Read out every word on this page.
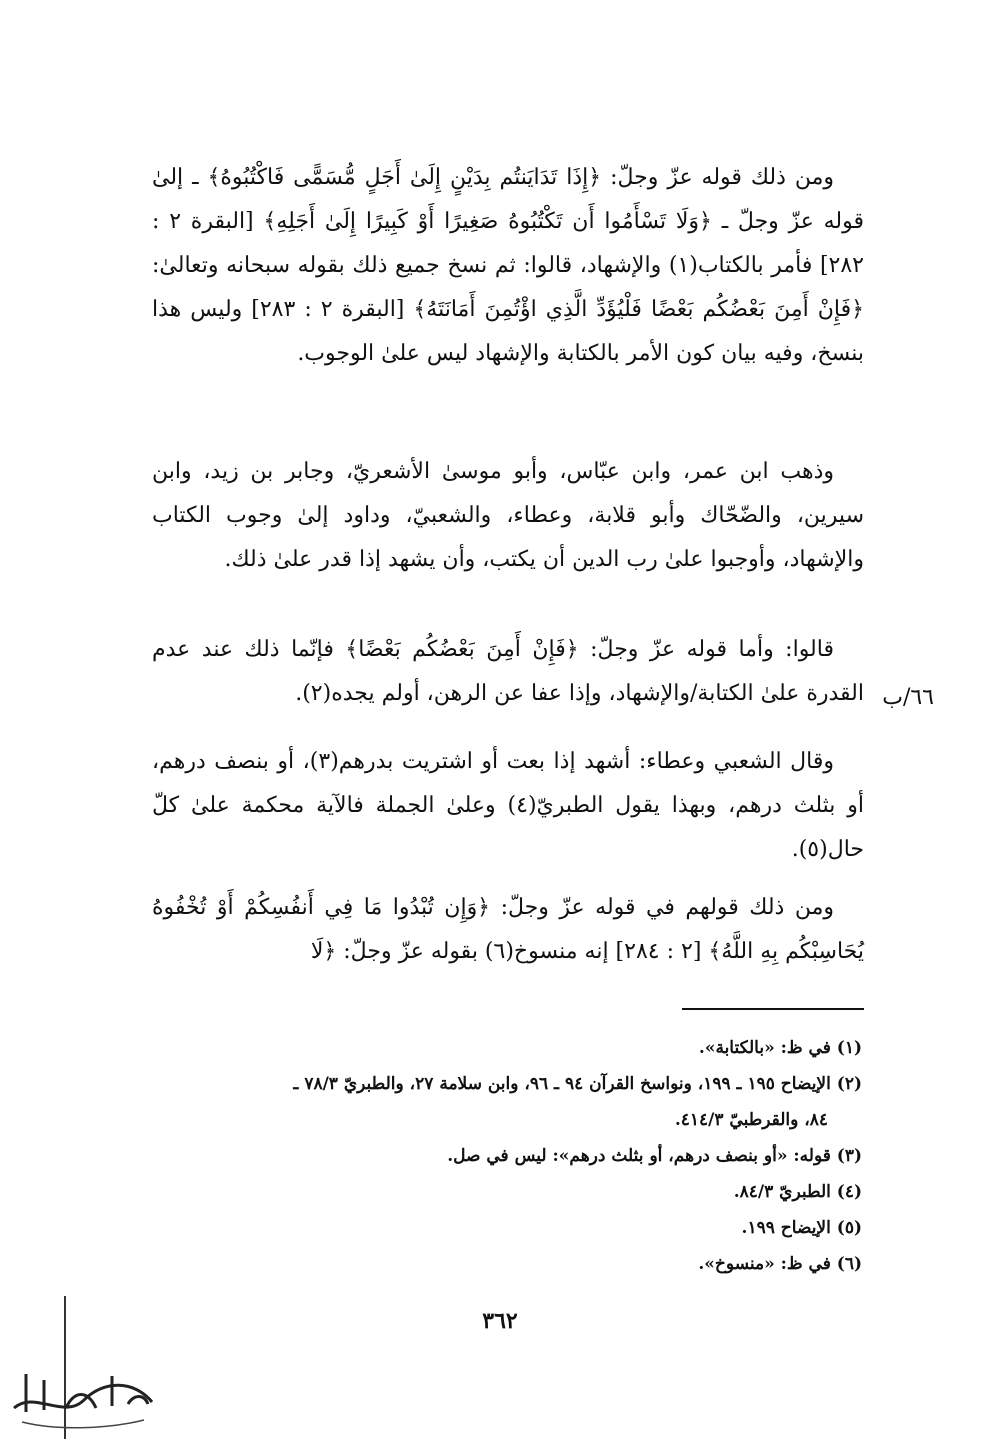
ومن ذلك قوله عزّ وجلّ: ﴿إِذَا تَدَايَنتُم بِدَيْنٍ إِلَىٰ أَجَلٍ مُّسَمًّى فَاكْتُبُوهُ﴾ ـ إلىٰ قوله عزّ وجلّ ـ ﴿وَلَا تَسْأَمُوا أَن تَكْتُبُوهُ صَغِيرًا أَوْ كَبِيرًا إِلَىٰ أَجَلِهِ﴾ [البقرة ٢ : ٢٨٢] فأمر بالكتاب(١) والإشهاد، قالوا: ثم نسخ جميع ذلك بقوله سبحانه وتعالىٰ: ﴿فَإِنْ أَمِنَ بَعْضُكُم بَعْضًا فَلْيُؤَدِّ الَّذِي اؤْتُمِنَ أَمَانَتَهُ﴾ [البقرة ٢ : ٢٨٣] وليس هذا بنسخ، وفيه بيان كون الأمر بالكتابة والإشهاد ليس علىٰ الوجوب.

وذهب ابن عمر، وابن عبّاس، وأبو موسىٰ الأشعريّ، وجابر بن زيد، وابن سيرين، والضّحّاك وأبو قلابة، وعطاء، والشعبيّ، وداود إلىٰ وجوب الكتاب والإشهاد، وأوجبوا علىٰ رب الدين أن يكتب، وأن يشهد إذا قدر علىٰ ذلك.

قالوا: وأما قوله عزّ وجلّ: ﴿فَإِنْ أَمِنَ بَعْضُكُم بَعْضًا﴾ فإنّما ذلك عند عدم القدرة علىٰ الكتابة/والإشهاد، وإذا عفا عن الرهن، أولم يجده(٢). ٦٦/ب

وقال الشعبي وعطاء: أشهد إذا بعت أو اشتريت بدرهم(٣)، أو بنصف درهم، أو بثلث درهم، وبهذا يقول الطبريّ(٤) وعلىٰ الجملة فالآية محكمة علىٰ كلّ حال(٥).

ومن ذلك قولهم في قوله عزّ وجلّ: ﴿وَإِن تُبْدُوا مَا فِي أَنفُسِكُمْ أَوْ تُخْفُوهُ يُحَاسِبْكُم بِهِ اللَّهُ﴾ [٢ : ٢٨٤] إنه منسوخ(٦) بقوله عزّ وجلّ: ﴿لَا

(١) في ظ: «بالكتابة».

(٢) الإيضاح ١٩٥ ـ ١٩٩، ونواسخ القرآن ٩٤ ـ ٩٦، وابن سلامة ٢٧، والطبريّ ٧٨/٣ ـ
٨٤، والقرطبيّ ٤١٤/٣.

(٣) قوله: «أو بنصف درهم، أو بثلث درهم»: ليس في صل.

(٤) الطبريّ ٨٤/٣.

(٥) الإيضاح ١٩٩.

(٦) في ظ: «منسوخ».

٣٦٢
